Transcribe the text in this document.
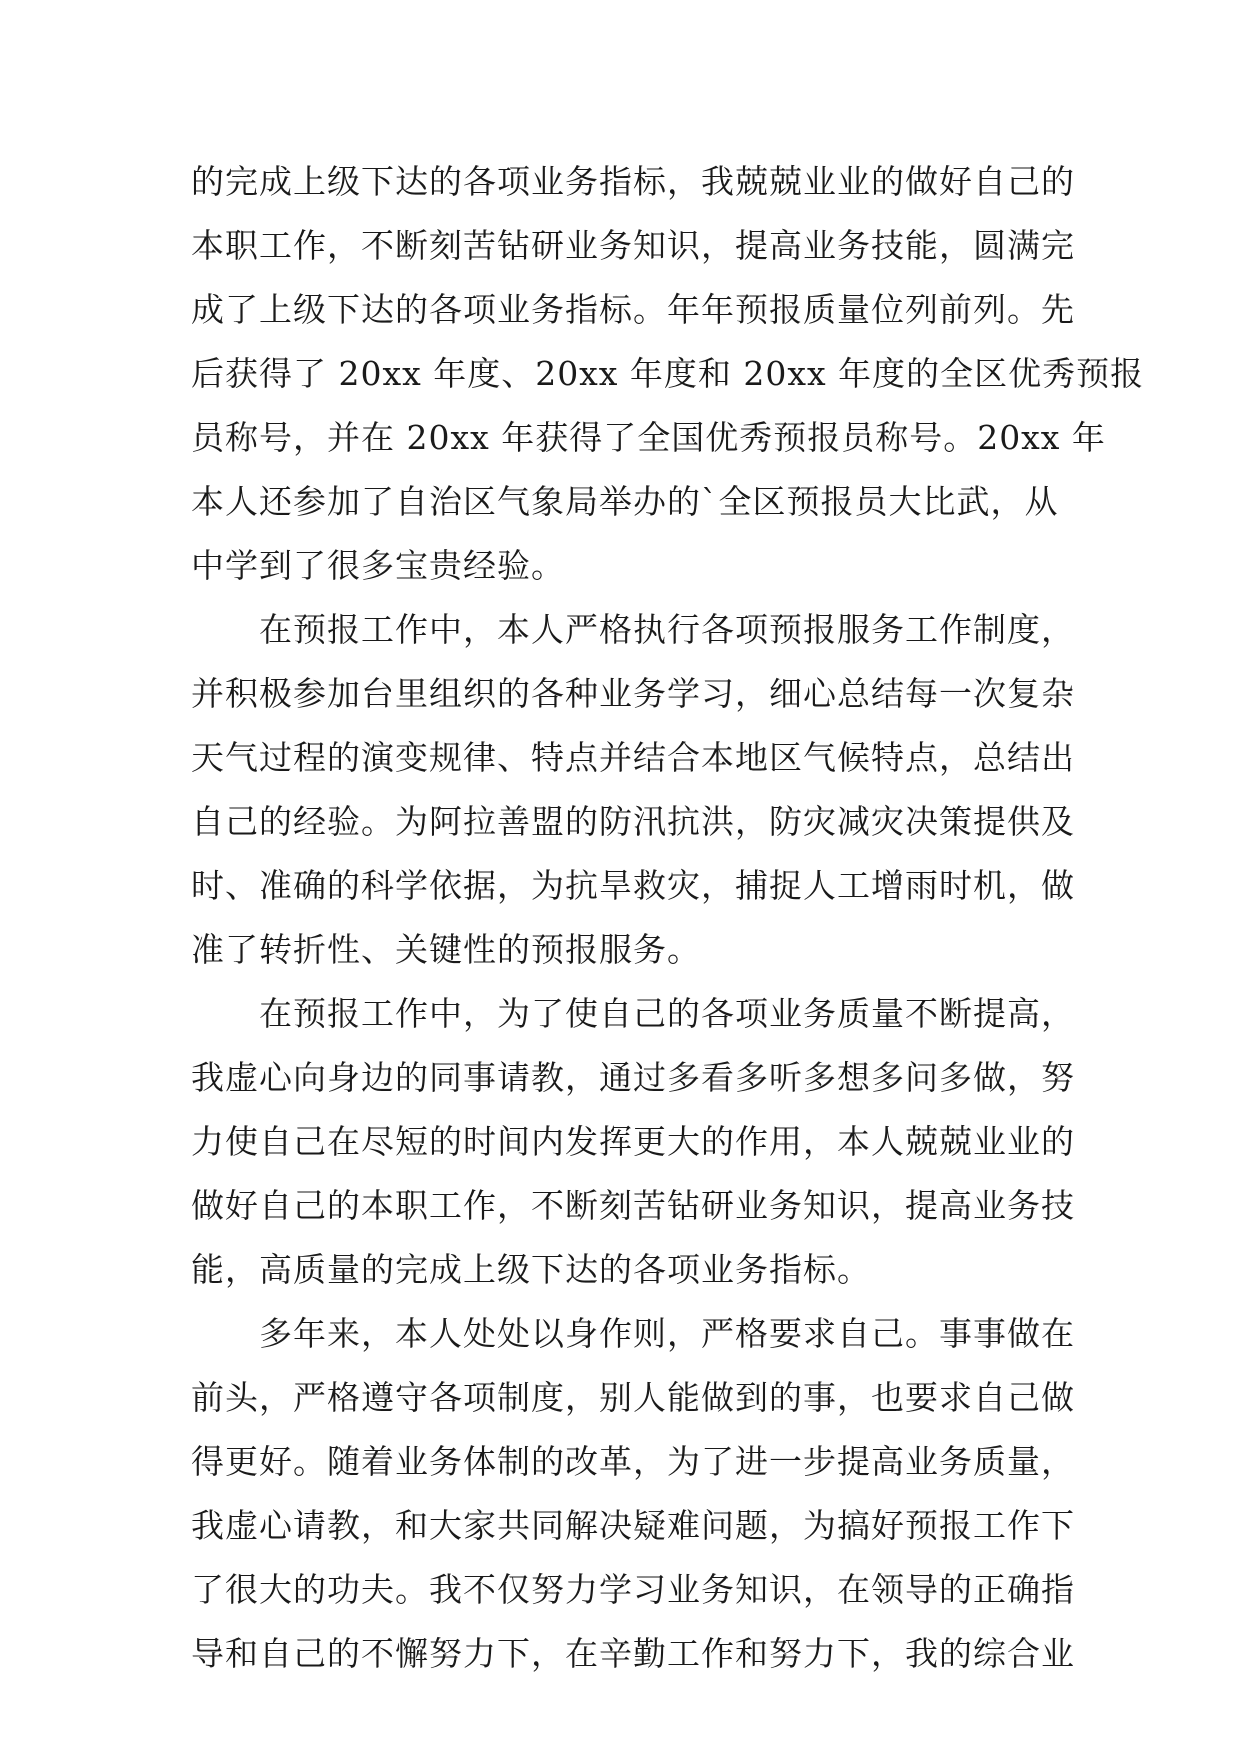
的完成上级下达的各项业务指标，我兢兢业业的做好自己的
本职工作，不断刻苦钻研业务知识，提高业务技能，圆满完
成了上级下达的各项业务指标。年年预报质量位列前列。先
后获得了 20xx 年度、20xx 年度和 20xx 年度的全区优秀预报
员称号，并在 20xx 年获得了全国优秀预报员称号。20xx 年
本人还参加了自治区气象局举办的`全区预报员大比武，从
中学到了很多宝贵经验。
在预报工作中，本人严格执行各项预报服务工作制度，
并积极参加台里组织的各种业务学习，细心总结每一次复杂
天气过程的演变规律、特点并结合本地区气候特点，总结出
自己的经验。为阿拉善盟的防汛抗洪，防灾减灾决策提供及
时、准确的科学依据，为抗旱救灾，捕捉人工增雨时机，做
准了转折性、关键性的预报服务。
在预报工作中，为了使自己的各项业务质量不断提高，
我虚心向身边的同事请教，通过多看多听多想多问多做，努
力使自己在尽短的时间内发挥更大的作用，本人兢兢业业的
做好自己的本职工作，不断刻苦钻研业务知识，提高业务技
能，高质量的完成上级下达的各项业务指标。
多年来，本人处处以身作则，严格要求自己。事事做在
前头，严格遵守各项制度，别人能做到的事，也要求自己做
得更好。随着业务体制的改革，为了进一步提高业务质量，
我虚心请教，和大家共同解决疑难问题，为搞好预报工作下
了很大的功夫。我不仅努力学习业务知识，在领导的正确指
导和自己的不懈努力下，在辛勤工作和努力下，我的综合业
